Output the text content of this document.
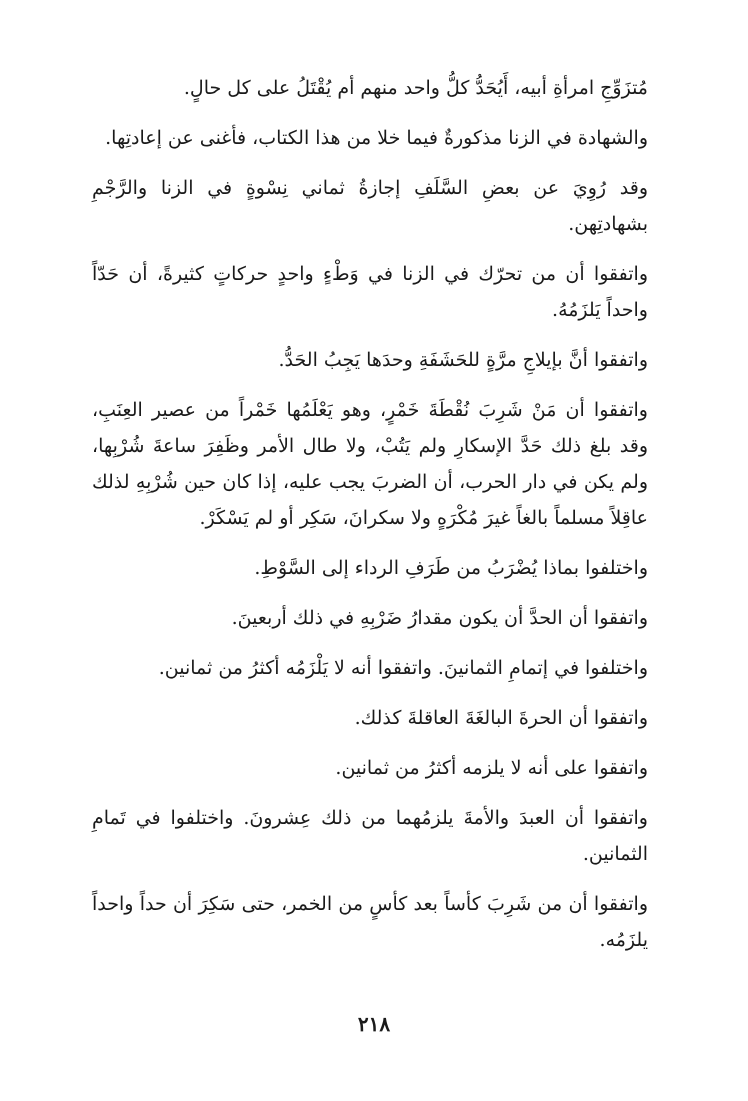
مُتزَوِّجِ امرأةِ أبيه، أَيُحَدُّ كلُّ واحد منهم أم يُقْتَلُ على كل حالٍ.

والشهادة في الزنا مذكورةٌ فيما خلا من هذا الكتاب، فأغنى عن إعادتِها.

وقد رُوِيَ عن بعضِ السَّلَفِ إجازةُ ثماني نِسْوةٍ في الزنا والرَّجْمِ بشهادتِهن.

واتفقوا أن من تحرّك في الزنا في وَطْءٍ واحدٍ حركاتٍ كثيرةً، أن حَدّاً واحداً يَلزَمُهُ.

واتفقوا أنَّ بإيلاجِ مرَّةٍ للحَشَفَةِ وحدَها يَجِبُ الحَدُّ.

واتفقوا أن مَنْ شَرِبَ نُقْطَةَ خَمْرٍ، وهو يَعْلَمُها خَمْراً من عصير العِنَبِ، وقد بلغ ذلك حَدَّ الإسكارِ ولم يَتُبْ، ولا طال الأمر وظَفِرَ ساعةَ شُرْبِها، ولم يكن في دار الحرب، أن الضربَ يجب عليه، إذا كان حين شُرْبِهِ لذلك عاقِلاً مسلماً بالغاً غيرَ مُكْرَهٍ ولا سكرانَ، سَكِر أو لم يَسْكَرْ.

واختلفوا بماذا يُضْرَبُ من طَرَفِ الرداء إلى السَّوْطِ.

واتفقوا أن الحدَّ أن يكون مقدارُ ضَرْبِهِ في ذلك أربعينَ.

واختلفوا في إتمامِ الثمانينَ. واتفقوا أنه لا يَلْزَمُه أكثرُ من ثمانين.

واتفقوا أن الحرةَ البالغَةَ العاقلةَ كذلك.

واتفقوا على أنه لا يلزمه أكثرُ من ثمانين.

واتفقوا أن العبدَ والأمةَ يلزمُهما من ذلك عِشرونَ. واختلفوا في تَمامِ الثمانين.

واتفقوا أن من شَرِبَ كأساً بعد كأسٍ من الخمر، حتى سَكِرَ أن حداً واحداً يلزَمُه.

٢١٨
